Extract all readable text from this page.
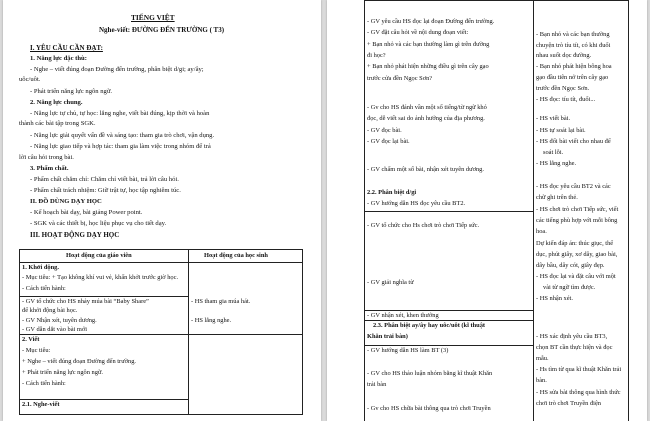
TIẾNG VIỆT
Nghe-viết: ĐƯỜNG ĐẾN TRƯỜNG ( T3)
I. YÊU CẦU CẦN ĐẠT:
1. Năng lực đặc thù:
- Nghe – viết đúng đoạn Đường đến trường, phân biệt d/gi; ay/ây;
uôc/uôt.
- Phát triển năng lực ngôn ngữ.
2. Năng lực chung.
- Năng lực tự chủ, tự học: lắng nghe, viết bài đúng, kịp thời và hoàn
thành các bài tập trong SGK.
- Năng lực giải quyết vấn đề và sáng tạo: tham gia trò chơi, vận dụng.
- Năng lực giao tiếp và hợp tác: tham gia làm việc trong nhóm để trả
lời câu hỏi trong bài.
3. Phẩm chất.
- Phẩm chất chăm chỉ: Chăm chỉ viết bài, trả lời câu hỏi.
- Phẩm chất trách nhiệm: Giữ trật tự, học tập nghiêm túc.
II. ĐỒ DÙNG DẠY HỌC
- Kế hoạch bài dạy, bài giảng Power point.
- SGK và các thiết bị, học liệu phục vụ cho tiết dạy.
III. HOẠT ĐỘNG DẠY HỌC
Hoạt động của giáo viên	Hoạt động của học sinh
1. Khởi động.
- Mục tiêu: + Tạo không khí vui vẻ, khấn khởi trước giờ học.
- Cách tiến hành:
- GV tổ chức cho HS nhảy múa bài “Baby Share”
để khởi động bài học.
- GV Nhận xét, tuyên dương.
- GV dẫn dắt vào bài mới
- HS tham gia múa hát.
- HS lắng nghe.
2. Viết
- Mục tiêu:
+ Nghe – viết đúng đoạn Đường đến trường.
+ Phát triển năng lực ngôn ngữ.
- Cách tiến hành:
2.1. Nghe-viết
- GV yêu cầu HS đọc lại đoạn Đường đến trường.
- GV đặt câu hỏi về nội dung đoạn viết:
+ Bạn nhỏ và các bạn thường làm gì trên đường
đi học?
+ Bạn nhỏ phát hiện những điều gì trên cây gạo
trước cửa đền Ngọc Sơn?
- Gv cho HS đánh vần một số tiếng/từ ngữ khó
đọc, dễ viết sai do ảnh hưởng của địa phương.
- GV đọc bài.
- GV đọc lại bài.
- GV chấm một số bài, nhận xét tuyên dương.
2.2. Phân biệt d/gi
- GV hướng dẫn HS đọc yêu cầu BT2.
- GV tổ chức cho Hs chơi trò chơi Tiếp sức.
- GV giải nghĩa từ
- GV nhận xét, khen thưởng
2.3. Phân biệt ay/ây hay uôc/uôt (kĩ thuật
Khăn trải bàn)
- GV hướng dẫn HS làm BT (3)
- GV cho HS thảo luận nhóm bằng kĩ thuật Khăn
trải bàn
- Gv cho HS chữa bài thông qua trò chơi Truyền
- Bạn nhỏ và các bạn thường
chuyện trò tíu tít, có khi đuổi
nhau suốt dọc đường.
- Bạn nhỏ phát hiện bông hoa
gạo đầu tiên nở trên cây gạo
trước đền Ngọc Sơn.
- HS đọc: tíu tít, đuổi...
- HS viết bài.
- HS tự soát lại bài.
- HS đổi bài viết cho nhau để
soát lỗi.
- HS lắng nghe.
- HS đọc yêu cầu BT2 và các
chữ ghi trên thẻ.
- HS chơi trò chơi Tiếp sức, viết
các tiếng phù hợp với mỗi bông
hoa.
Dự kiến đáp án: thúc giục, thể
dục, phút giây, xơ dây, giao bài,
dây bầu, dây cót, giây đẹp.
- HS đọc lại và đặt câu với một
vài từ ngữ tìm được.
- HS nhận xét.
- HS xác định yêu cầu BT3,
chọn BT cần thực hiện và đọc
mẫu.
- Hs tìm từ qua kĩ thuật Khăn trải
bàn.
- HS sửa bài thông qua hình thức
chơi trò chơi Truyền điện
